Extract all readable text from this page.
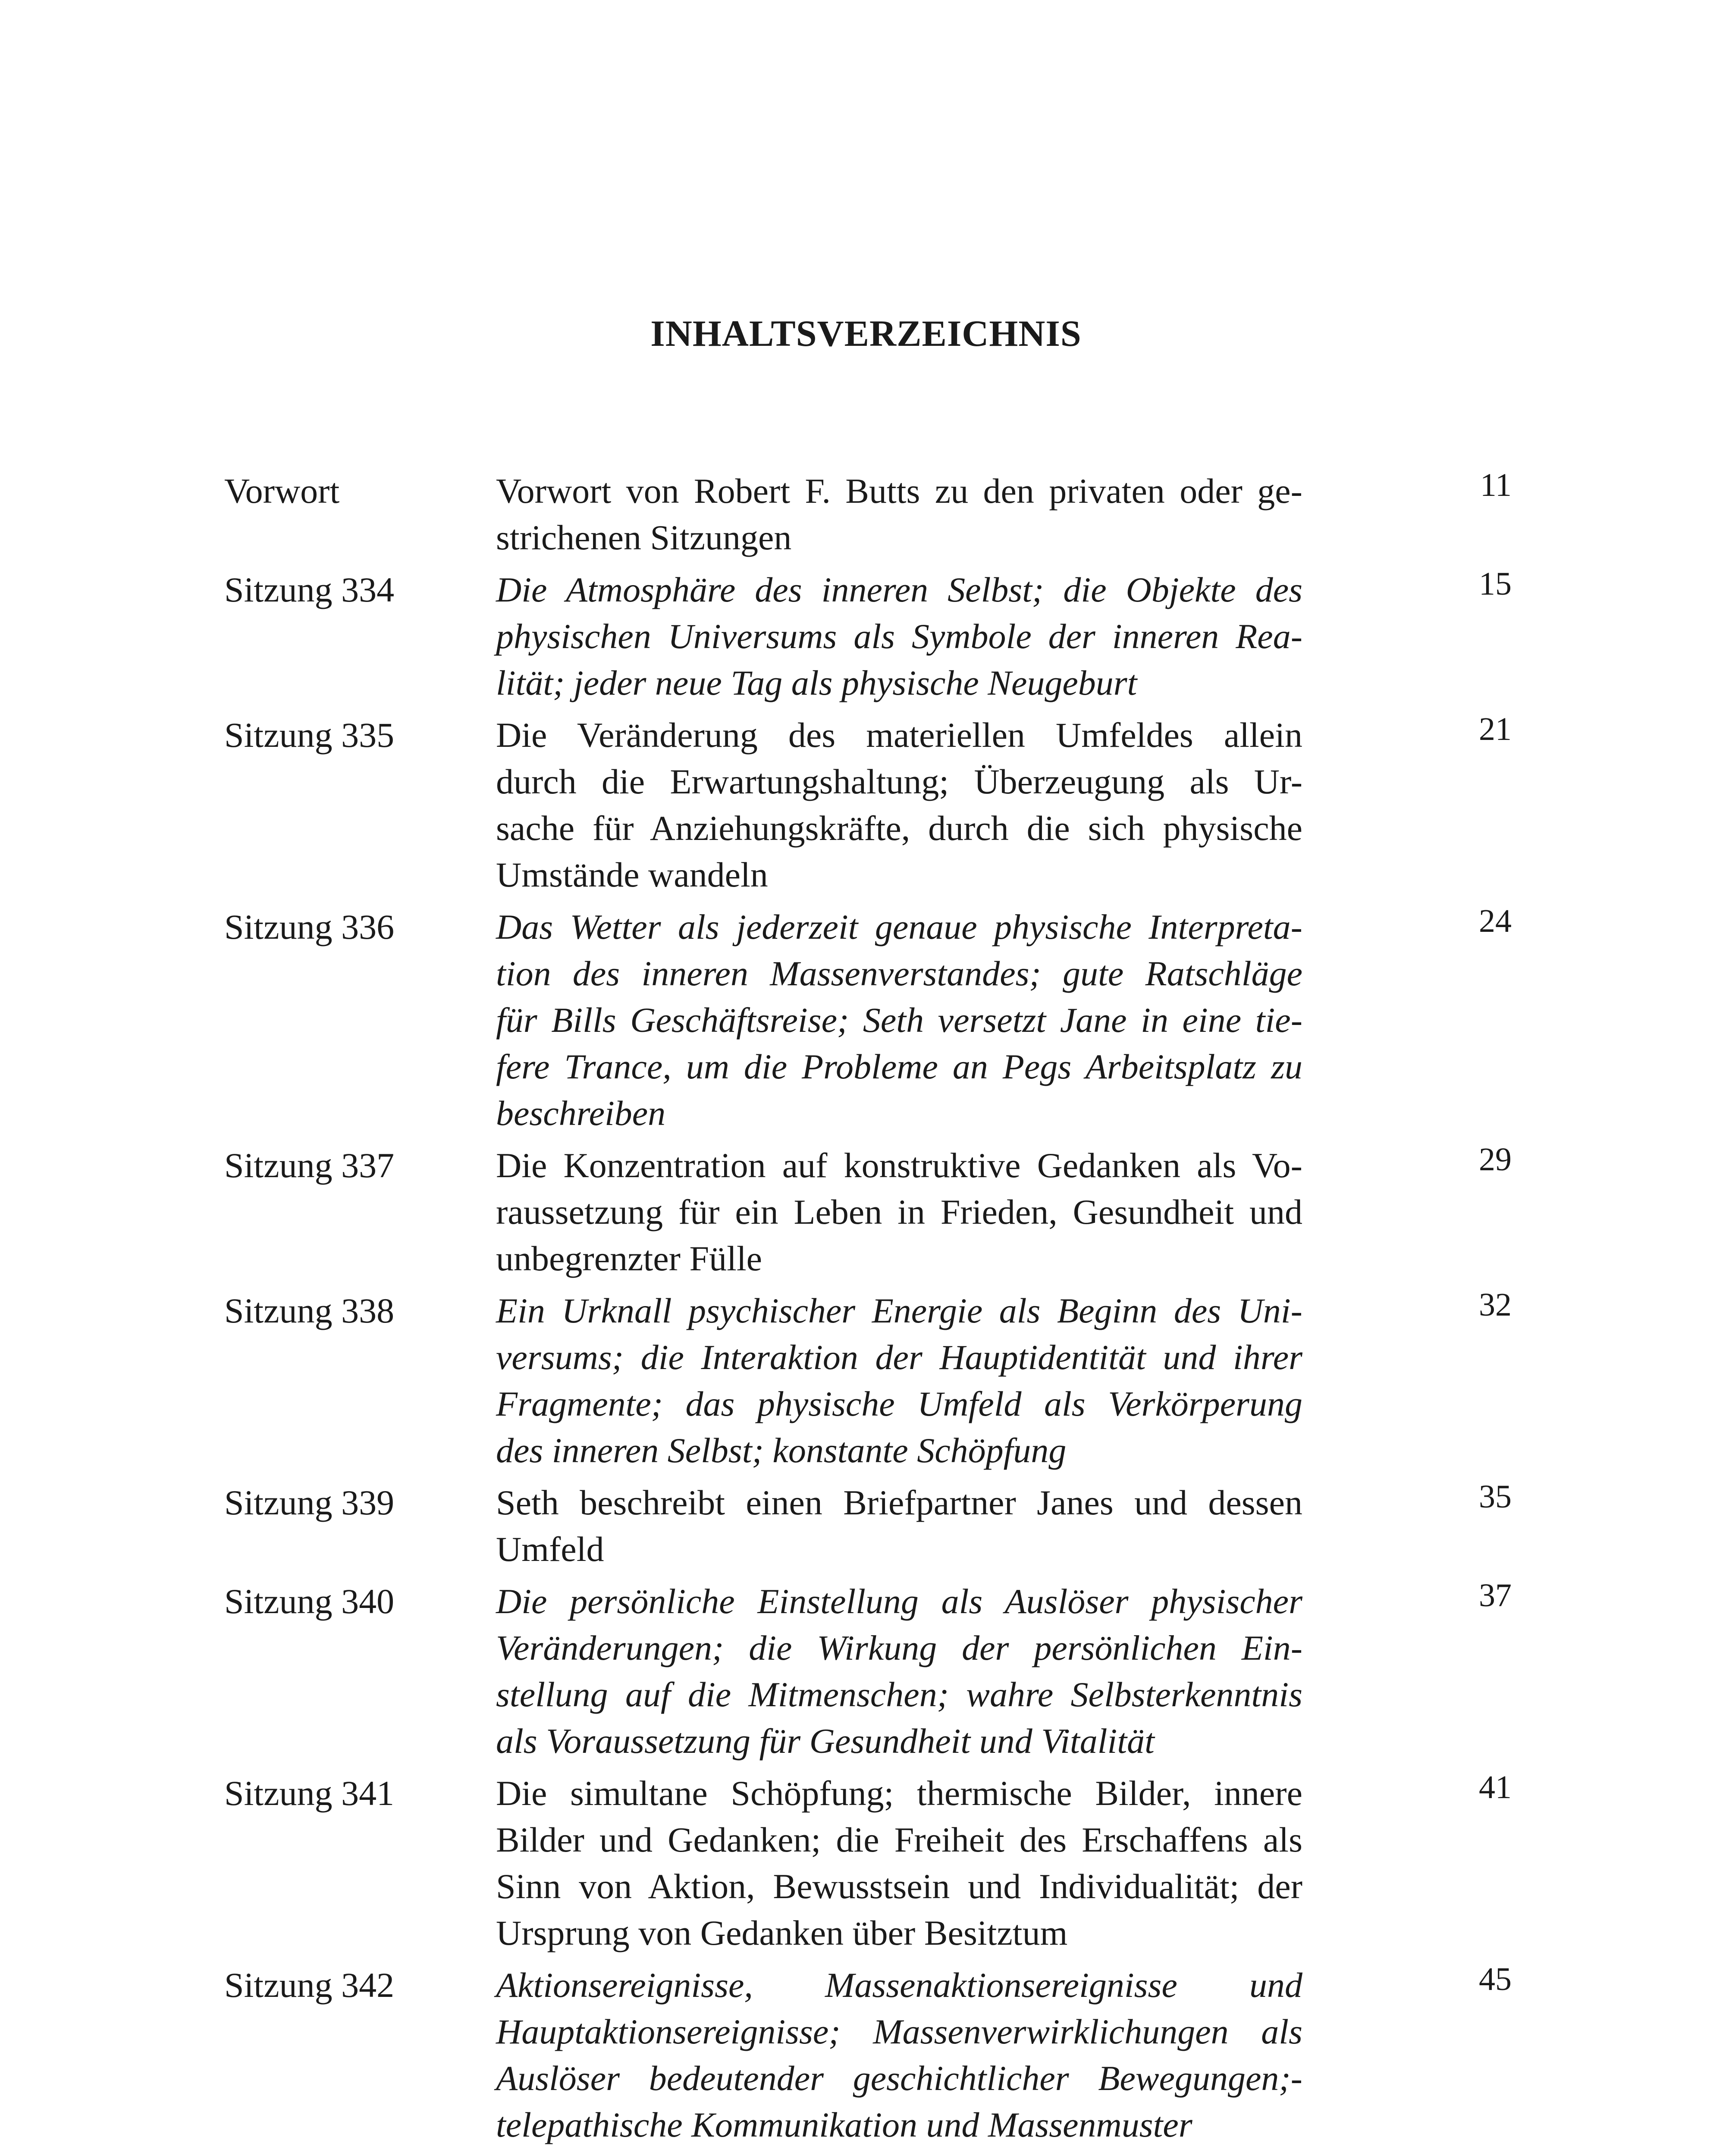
INHALTSVERZEICHNIS
Vorwort	Vorwort von Robert F. Butts zu den privaten oder ge-
strichenen Sitzungen
11
Sitzung 334	Die Atmosphäre des inneren Selbst; die Objekte des
physischen Universums als Symbole der inneren Rea-
lität; jeder neue Tag als physische Neugeburt
15
Sitzung 335	Die Veränderung des materiellen Umfeldes allein
durch die Erwartungshaltung; Überzeugung als Ur-
sache für Anziehungskräfte, durch die sich physische
Umstände wandeln
21
Sitzung 336	Das Wetter als jederzeit genaue physische Interpreta-
tion des inneren Massenverstandes; gute Ratschläge
für Bills Geschäftsreise; Seth versetzt Jane in eine tie-
fere Trance, um die Probleme an Pegs Arbeitsplatz zu
beschreiben
24
Sitzung 337	Die Konzentration auf konstruktive Gedanken als Vo-
raussetzung für ein Leben in Frieden, Gesundheit und
unbegrenzter Fülle
29
Sitzung 338	Ein Urknall psychischer Energie als Beginn des Uni-
versums; die Interaktion der Hauptidentität und ihrer
Fragmente; das physische Umfeld als Verkörperung
des inneren Selbst; konstante Schöpfung
32
Sitzung 339	Seth beschreibt einen Briefpartner Janes und dessen
Umfeld
35
Sitzung 340	Die persönliche Einstellung als Auslöser physischer
Veränderungen; die Wirkung der persönlichen Ein-
stellung auf die Mitmenschen; wahre Selbsterkenntnis
als Voraussetzung für Gesundheit und Vitalität
37
Sitzung 341	Die simultane Schöpfung; thermische Bilder, innere
Bilder und Gedanken; die Freiheit des Erschaffens als
Sinn von Aktion, Bewusstsein und Individualität; der
Ursprung von Gedanken über Besitztum
41
Sitzung 342	Aktionsereignisse, Massenaktionsereignisse und
Hauptaktionsereignisse; Massenverwirklichungen als
Auslöser bedeutender geschichtlicher Bewegungen;-
telepathische Kommunikation und Massenmuster
45
